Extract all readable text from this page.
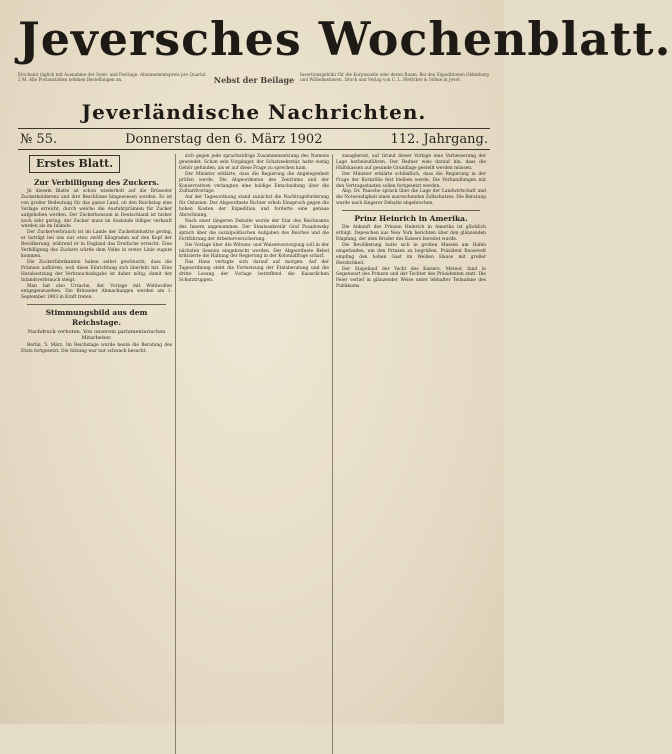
Jeversches Wochenblatt.
Erscheint täglich mit Ausnahme der Sonn- und Festtage. Abonnementspreis pro Quartal 2 M. Alle Postanstalten nehmen Bestellungen an.	Nebst der Beilage
Insertionsgebühr für die Korpuszeile oder deren Raum. Bei den Expeditionen Oldenburg und Wilhelmshaven. Druck und Verlag von C. L. Mettcker & Söhne in Jever.
Jeverländische Nachrichten.
№ 55.	Donnerstag den 6. März 1902	112. Jahrgang.
Erstes Blatt.
Zur Verbilligung des Zuckers.

Jn diesem Blatte ist schon wiederholt auf die Brüsseler Zuckerkonferenz und ihre Beschlüsse hingewiesen worden. Es ist von großer Bedeutung für das ganze Land, ob den Reichstag eine Vorlage erreicht, durch welche die Ausfuhrprämien für Zucker aufgehoben werden. Der Zuckerkonsum in Deutschland ist bisher noch sehr gering; der Zucker muss im Auslande billiger verkauft werden als im Inlande.

Der Zuckerverbrauch ist im Lande der Zuckerindustrie gering, er beträgt bei uns nur etwa zwölf Kilogramm auf den Kopf der Bevölkerung, während er in England das Dreifache erreicht. Eine Verbilligung des Zuckers würde dem Volke in erster Linie zugute kommen.

Die Zuckerfabrikanten haben selbst gewünscht, dass die Prämien aufhören, weil diese Einrichtung sich überlebt hat. Eine Herabsetzung der Verbrauchsabgabe ist daher nötig, damit der Inlandsverbrauch steigt.

Man hat also Ursache, der Vorlage mit Wohlwollen entgegenzusehen. Die Brüsseler Abmachungen werden am 1. September 1903 in Kraft treten.

Stimmungsbild aus dem Reichstage.
Nachdruck verboten. Von unserem parlamentarischen Mitarbeiter.

Berlin, 5. März. Im Reichstage wurde heute die Beratung des Etats fortgesetzt. Die Sitzung war nur schwach besucht.

sich gegen jede sprachwidrige Zusammensetzung des Namens gewendet. Schon sein Vorgänger, der Schatzsekretär, hatte wenig Gehör gefunden, als er auf diese Frage zu sprechen kam.

Der Minister erklärte, dass die Regierung die Angelegenheit prüfen werde. Die Abgeordneten des Zentrums und der Konservativen verlangten eine baldige Entscheidung über die Zolltarifvorlage.

Auf der Tagesordnung stand zunächst die Nachtragsforderung für Ostasien. Der Abgeordnete Richter erhob Einspruch gegen die hohen Kosten der Expedition und forderte eine genaue Abrechnung.

Nach einer längeren Debatte wurde der Etat des Reichsamts des Innern angenommen. Der Staatssekretär Graf Posadowsky sprach über die sozialpolitischen Aufgaben des Reiches und die Fortführung der Arbeiterversicherung.

Die Vorlage über die Witwen- und Waisenversorgung soll in der nächsten Session eingebracht werden. Der Abgeordnete Bebel kritisierte die Haltung der Regierung in der Kolonialfrage scharf.

Das Haus vertagte sich darauf auf morgen. Auf der Tagesordnung steht die Fortsetzung der Etatsberatung und die dritte Lesung der Vorlage betreffend die Kaiserlichen Schutztruppen.

zusagbereit, auf Grund dieser Vorlage eine Verbesserung der Lage herbeizuführen. Der Redner wies darauf hin, dass die Hülfskassen auf gesunde Grundlage gestellt werden müssen.

Der Minister erklärte schließlich, dass die Regierung in der Frage der Kornzölle fest bleiben werde. Die Verhandlungen mit den Vertragsstaaten sollen fortgesetzt werden.

Abg. Dr. Paasche sprach über die Lage der Landwirtschaft und die Notwendigkeit eines ausreichenden Zollschutzes. Die Beratung wurde nach längerer Debatte abgebrochen.

Prinz Heinrich in Amerika.

Die Ankunft des Prinzen Heinrich in Amerika ist glücklich erfolgt. Depeschen aus New York berichten über den glänzenden Empfang, der dem Bruder des Kaisers bereitet wurde.

Die Bevölkerung hatte sich in großen Massen am Hafen eingefunden, um den Prinzen zu begrüßen. Präsident Roosevelt empfing den hohen Gast im Weißen Hause mit großer Herzlichkeit.

Der Stapellauf der Yacht des Kaisers, Meteor, fand in Gegenwart des Prinzen und der Tochter des Präsidenten statt. Die Feier verlief in glänzender Weise unter lebhafter Teilnahme des Publikums.
